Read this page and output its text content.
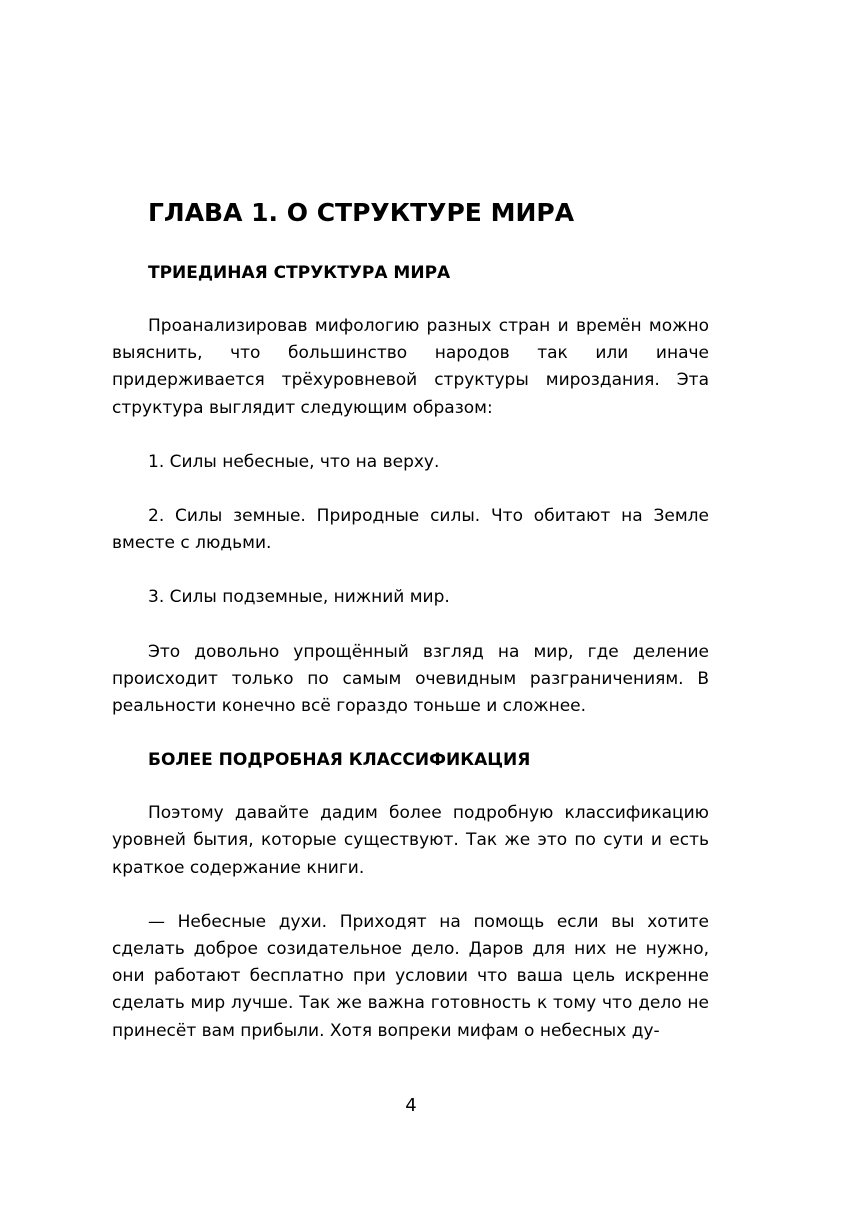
ГЛАВА 1. О СТРУКТУРЕ МИРА
ТРИЕДИНАЯ СТРУКТУРА МИРА

Проанализировав мифологию разных стран и времён можно выяснить, что большинство народов так или иначе придерживается трёхуровневой структуры мироздания. Эта структура выглядит следующим образом:

1. Силы небесные, что на верху.

2. Силы земные. Природные силы. Что обитают на Земле вместе с людьми.

3. Силы подземные, нижний мир.

Это довольно упрощённый взгляд на мир, где деление происходит только по самым очевидным разграничениям. В реальности конечно всё гораздо тоньше и сложнее.

БОЛЕЕ ПОДРОБНАЯ КЛАССИФИКАЦИЯ

Поэтому давайте дадим более подробную классификацию уровней бытия, которые существуют. Так же это по сути и есть краткое содержание книги.

— Небесные духи. Приходят на помощь если вы хотите сделать доброе созидательное дело. Даров для них не нужно, они работают бесплатно при условии что ваша цель искренне сделать мир лучше. Так же важна готовность к тому что дело не принесёт вам прибыли. Хотя вопреки мифам о небесных ду-

4
